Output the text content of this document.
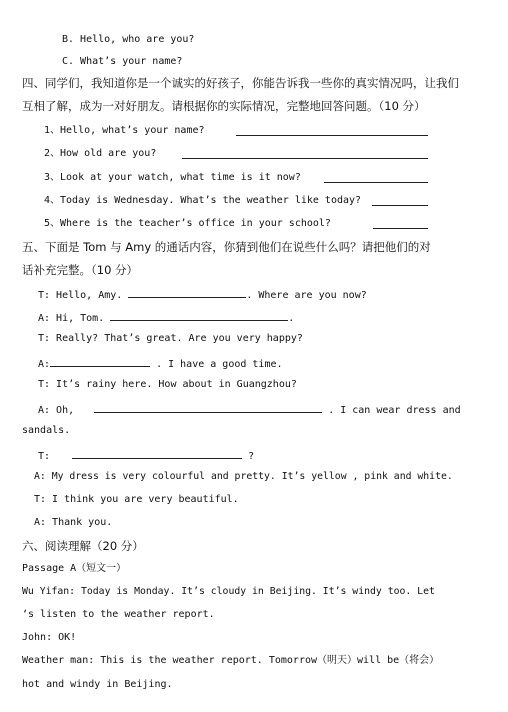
B. Hello, who are you?
C. What’s your name?
四、同学们，我知道你是一个诚实的好孩子，你能告诉我一些你的真实情况吗，让我们
互相了解，成为一对好朋友。请根据你的实际情况，完整地回答问题。（10 分）
1、Hello, what’s your name?
2、How old are you?
3、Look at your watch, what time is it now?
4、Today is Wednesday. What’s the weather like today?
5、Where is the teacher’s office in your school?
五、下面是 Tom 与 Amy 的通话内容，你猜到他们在说些什么吗？请把他们的对
话补充完整。（10 分）
T: Hello, Amy.	. Where are you now?
A: Hi, Tom.	.
T: Really? That’s great. Are you very happy?
A:	. I have a good time.
T: It’s rainy here. How about in Guangzhou?
A: Oh,	. I can wear dress and
sandals.
T:	?
A: My dress is very colourful and pretty. It’s yellow , pink and white.
T: I think you are very beautiful.
A: Thank you.
六、阅读理解（20 分）
Passage A（短文一）
Wu Yifan: Today is Monday. It’s cloudy in Beijing. It’s windy too. Let
‘s listen to the weather report.
John: OK!
Weather man: This is the weather report. Tomorrow（明天）will be（将会）
hot and windy in Beijing.
